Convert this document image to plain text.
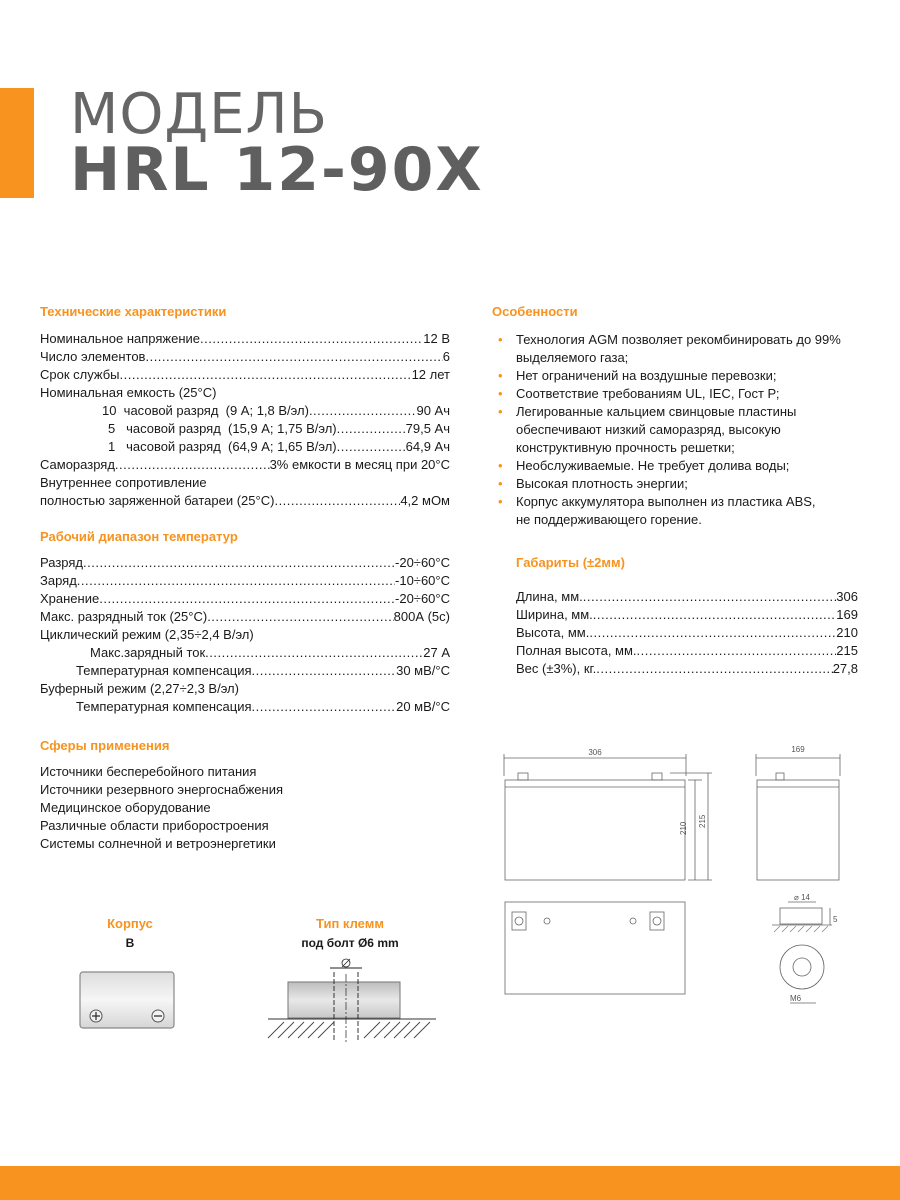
МОДЕЛЬ
HRL 12-90X
Технические характеристики
Номинальное напряжение .....	12 В
Число элементов .....	6
Срок службы .....	12 лет
Номинальная емкость (25°С)
10  часовой разряд  (9 А; 1,8 В/эл) .....	90 Ач
5   часовой разряд  (15,9 А; 1,75 В/эл) .....	79,5 Ач
1   часовой разряд  (64,9 А; 1,65 В/эл) .....	64,9 Ач
Саморазряд .....	3% емкости в месяц при 20°С
Внутреннее сопротивление
полностью заряженной батареи (25°С) .....	4,2 мОм
Рабочий диапазон температур
Разряд .....	-20÷60°С
Заряд .....	-10÷60°С
Хранение .....	-20÷60°С
Макс. разрядный ток (25°С) .....	800А (5с)
Циклический режим (2,35÷2,4 В/эл)
Макс.зарядный ток .....	27 А
Температурная компенсация .....	30 мВ/°С
Буферный режим (2,27÷2,3 В/эл)
Температурная компенсация .....	20 мВ/°С
Сферы применения
Источники бесперебойного питания
Источники резервного энергоснабжения
Медицинское оборудование
Различные области приборостроения
Системы солнечной и ветроэнергетики
Особенности
• Технология AGM позволяет рекомбинировать до 99% выделяемого газа;
• Нет ограничений на воздушные перевозки;
• Соответствие требованиям UL, IEC, Гост Р;
• Легированные кальцием свинцовые пластины обеспечивают низкий саморазряд, высокую конструктивную прочность решетки;
• Необслуживаемые. Не требует долива воды;
• Высокая плотность энергии;
• Корпус аккумулятора выполнен из пластика ABS, не поддерживающего горение.
Габариты (±2мм)
Длина, мм. .....	306
Ширина, мм. .....	169
Высота, мм. .....	210
Полная высота, мм. .....	215
Вес (±3%), кг. .....	27,8
306
210
215
169
⌀ 14
5
M6
Корпус
B
Тип клемм
под болт Ø6 mm
